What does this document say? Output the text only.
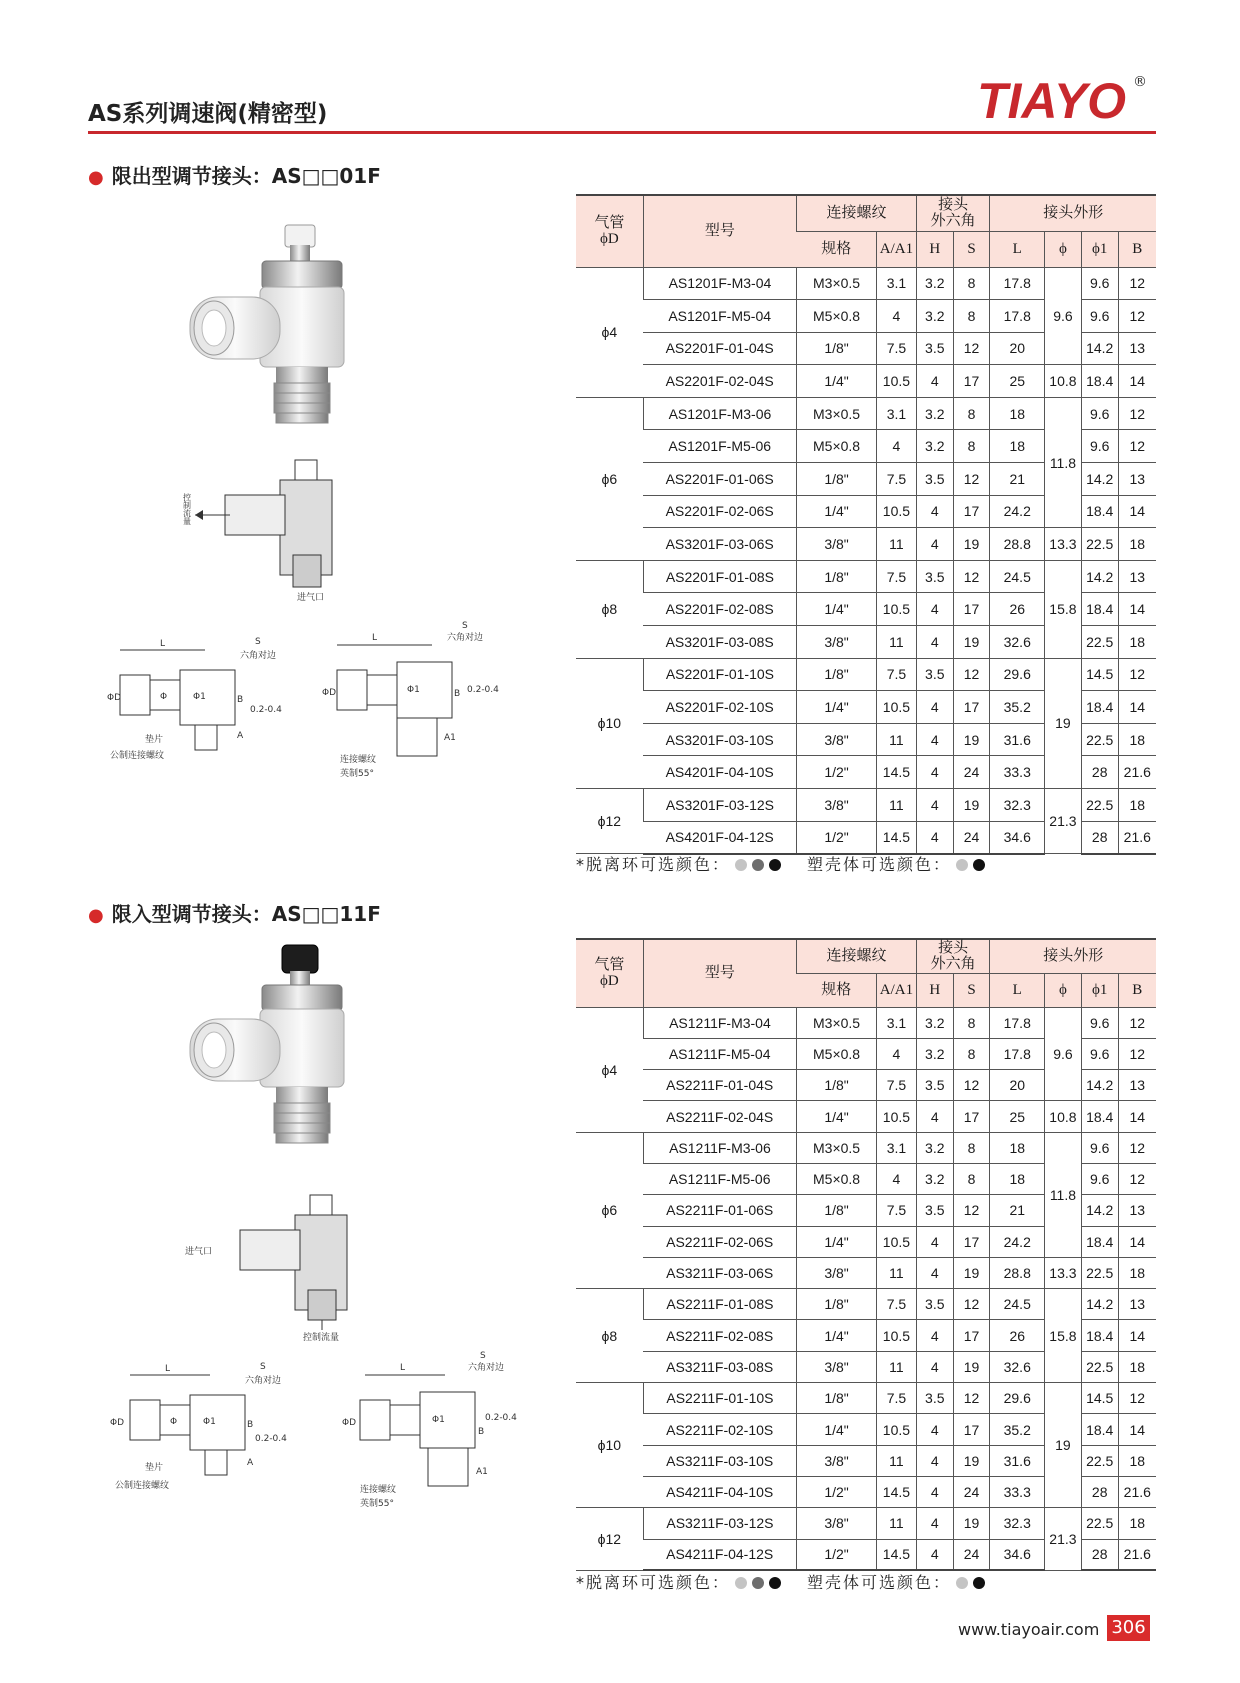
AS系列调速阀(精密型)	TIAYO ®
● 限出型调节接头：AS□□01F
控制流量
进气口
L	S
六角对边
ΦD	Φ	Φ1	B
0.2-0.4
A
垫片
公制连接螺纹
L
S
六角对边
ΦD	Φ1	B 0.2-0.4
A1
连接螺纹
英制55°
气管
ϕD	型号	连接螺纹		接头
外六角		接头外形			
		规格	A/A1	H	S	L	ϕ	ϕ1	B
ϕ4	AS1201F-M3-04	M3×0.5	3.1	3.2	8	17.8	9.6	9.6	12
	AS1201F-M5-04	M5×0.8	4	3.2	8	17.8		9.6	12
	AS2201F-01-04S	1/8"	7.5	3.5	12	20		14.2	13
	AS2201F-02-04S	1/4"	10.5	4	17	25	10.8	18.4	14
ϕ6	AS1201F-M3-06	M3×0.5	3.1	3.2	8	18	11.8	9.6	12
	AS1201F-M5-06	M5×0.8	4	3.2	8	18		9.6	12
	AS2201F-01-06S	1/8"	7.5	3.5	12	21		14.2	13
	AS2201F-02-06S	1/4"	10.5	4	17	24.2		18.4	14
	AS3201F-03-06S	3/8"	11	4	19	28.8	13.3	22.5	18
ϕ8	AS2201F-01-08S	1/8"	7.5	3.5	12	24.5	15.8	14.2	13
	AS2201F-02-08S	1/4"	10.5	4	17	26		18.4	14
	AS3201F-03-08S	3/8"	11	4	19	32.6		22.5	18
ϕ10	AS2201F-01-10S	1/8"	7.5	3.5	12	29.6	19	14.5	12
	AS2201F-02-10S	1/4"	10.5	4	17	35.2		18.4	14
	AS3201F-03-10S	3/8"	11	4	19	31.6		22.5	18
	AS4201F-04-10S	1/2"	14.5	4	24	33.3		28	21.6
ϕ12	AS3201F-03-12S	3/8"	11	4	19	32.3	21.3	22.5	18
	AS4201F-04-12S	1/2"	14.5	4	24	34.6		28	21.6
*脱离环可选颜色：	塑壳体可选颜色：
● 限入型调节接头：AS□□11F
进气口
控制流量
L	S
六角对边
ΦD	Φ	Φ1	B
0.2-0.4
A
垫片
公制连接螺纹
L
S
六角对边
ΦD	Φ1
B
0.2-0.4
A1
连接螺纹
英制55°
气管
ϕD	型号	连接螺纹		接头
外六角		接头外形			
		规格	A/A1	H	S	L	ϕ	ϕ1	B
ϕ4	AS1211F-M3-04	M3×0.5	3.1	3.2	8	17.8	9.6	9.6	12
	AS1211F-M5-04	M5×0.8	4	3.2	8	17.8		9.6	12
	AS2211F-01-04S	1/8"	7.5	3.5	12	20		14.2	13
	AS2211F-02-04S	1/4"	10.5	4	17	25	10.8	18.4	14
ϕ6	AS1211F-M3-06	M3×0.5	3.1	3.2	8	18	11.8	9.6	12
	AS1211F-M5-06	M5×0.8	4	3.2	8	18		9.6	12
	AS2211F-01-06S	1/8"	7.5	3.5	12	21		14.2	13
	AS2211F-02-06S	1/4"	10.5	4	17	24.2		18.4	14
	AS3211F-03-06S	3/8"	11	4	19	28.8	13.3	22.5	18
ϕ8	AS2211F-01-08S	1/8"	7.5	3.5	12	24.5	15.8	14.2	13
	AS2211F-02-08S	1/4"	10.5	4	17	26		18.4	14
	AS3211F-03-08S	3/8"	11	4	19	32.6		22.5	18
ϕ10	AS2211F-01-10S	1/8"	7.5	3.5	12	29.6	19	14.5	12
	AS2211F-02-10S	1/4"	10.5	4	17	35.2		18.4	14
	AS3211F-03-10S	3/8"	11	4	19	31.6		22.5	18
	AS4211F-04-10S	1/2"	14.5	4	24	33.3		28	21.6
ϕ12	AS3211F-03-12S	3/8"	11	4	19	32.3	21.3	22.5	18
	AS4211F-04-12S	1/2"	14.5	4	24	34.6		28	21.6
*脱离环可选颜色：	塑壳体可选颜色：
www.tiayoair.com 306
